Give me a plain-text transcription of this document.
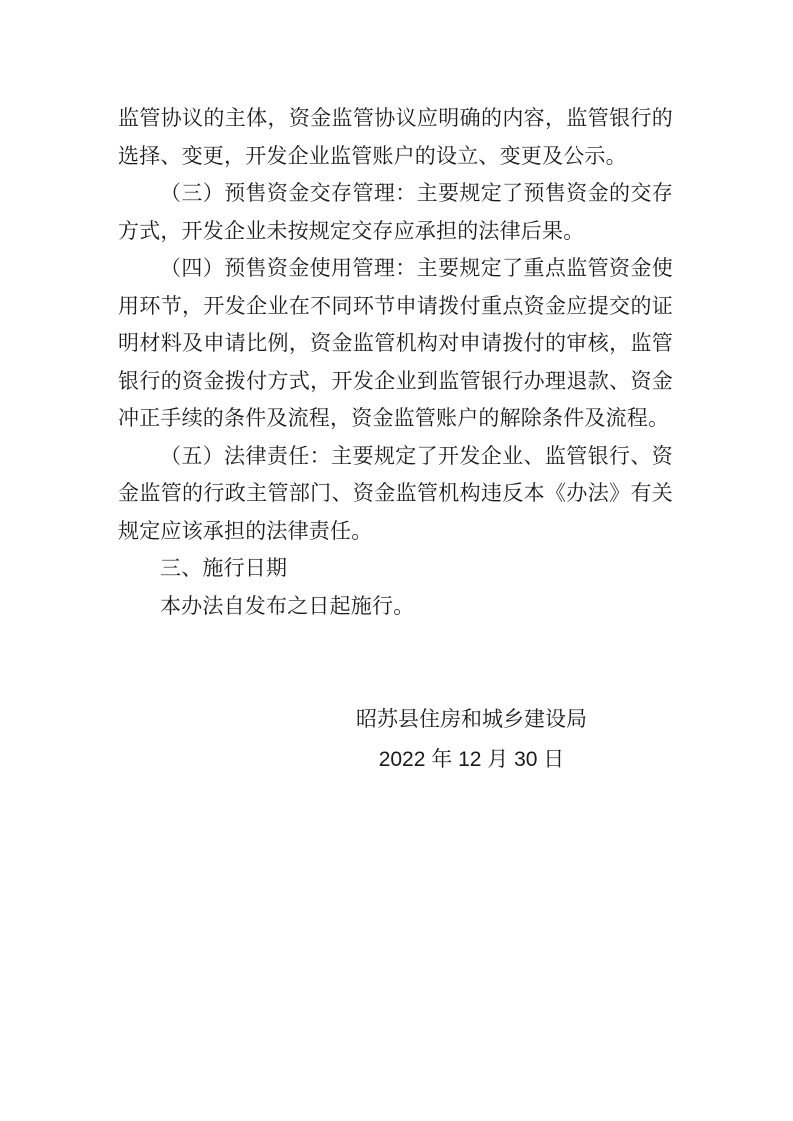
监管协议的主体，资金监管协议应明确的内容，监管银行的选择、变更，开发企业监管账户的设立、变更及公示。

（三）预售资金交存管理：主要规定了预售资金的交存方式，开发企业未按规定交存应承担的法律后果。

（四）预售资金使用管理：主要规定了重点监管资金使用环节，开发企业在不同环节申请拨付重点资金应提交的证明材料及申请比例，资金监管机构对申请拨付的审核，监管银行的资金拨付方式，开发企业到监管银行办理退款、资金冲正手续的条件及流程，资金监管账户的解除条件及流程。

（五）法律责任：主要规定了开发企业、监管银行、资金监管的行政主管部门、资金监管机构违反本《办法》有关规定应该承担的法律责任。

三、施行日期

本办法自发布之日起施行。

昭苏县住房和城乡建设局
2022 年 12 月 30 日
